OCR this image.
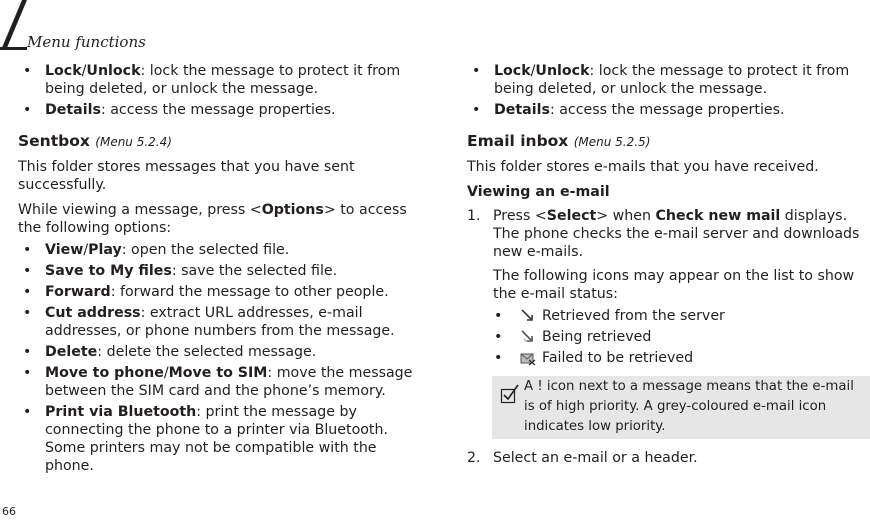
Menu functions
• Lock/Unlock: lock the message to protect it from being deleted, or unlock the message.
• Details: access the message properties.
Sentbox (Menu 5.2.4)
This folder stores messages that you have sent successfully.
While viewing a message, press <Options> to access the following options:
• View/Play: open the selected file.
• Save to My files: save the selected file.
• Forward: forward the message to other people.
• Cut address: extract URL addresses, e-mail addresses, or phone numbers from the message.
• Delete: delete the selected message.
• Move to phone/Move to SIM: move the message between the SIM card and the phone’s memory.
• Print via Bluetooth: print the message by connecting the phone to a printer via Bluetooth. Some printers may not be compatible with the phone.
• Lock/Unlock: lock the message to protect it from being deleted, or unlock the message.
• Details: access the message properties.
Email inbox (Menu 5.2.5)
This folder stores e-mails that you have received.
Viewing an e-mail
1. Press <Select> when Check new mail displays. The phone checks the e-mail server and downloads new e-mails.
The following icons may appear on the list to show the e-mail status:
•	Retrieved from the server
•	Being retrieved
•	Failed to be retrieved
A ! icon next to a message means that the e-mail is of high priority. A grey-coloured e-mail icon indicates low priority.
2. Select an e-mail or a header.
66
